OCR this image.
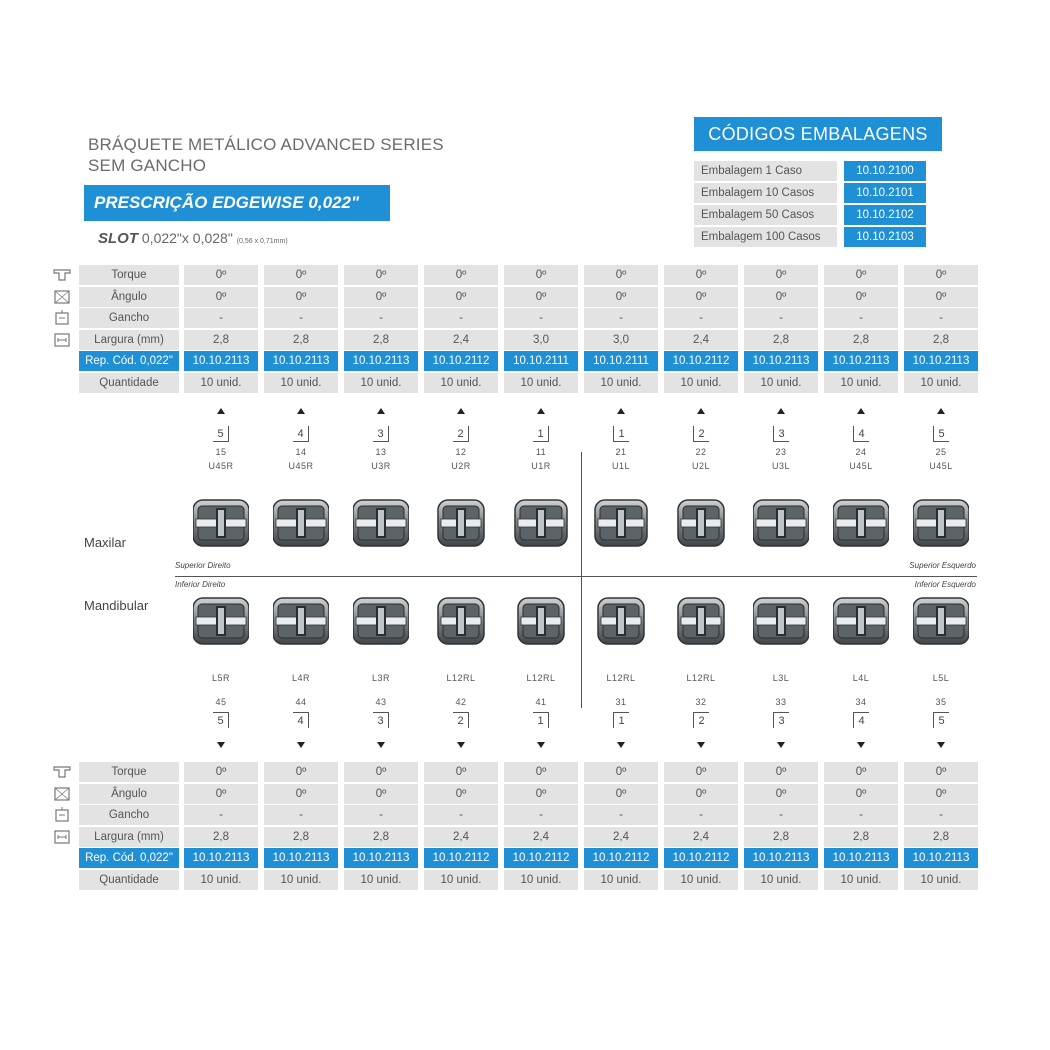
BRÁQUETE METÁLICO ADVANCED SERIES
SEM GANCHO
PRESCRIÇÃO EDGEWISE 0,022"
SLOT 0,022"x 0,028" (0,56 x 0,71mm)
CÓDIGOS EMBALAGENS
Embalagem 1 Caso	10.10.2100
Embalagem 10 Casos	10.10.2101
Embalagem 50 Casos	10.10.2102
Embalagem 100 Casos	10.10.2103
Torque	0º	0º	0º	0º	0º	0º	0º	0º	0º	0º
Ângulo	0º	0º	0º	0º	0º	0º	0º	0º	0º	0º
Gancho	-	-	-	-	-	-	-	-	-	-
Largura (mm)	2,8	2,8	2,8	2,4	3,0	3,0	2,4	2,8	2,8	2,8
Rep. Cód. 0,022"	10.10.2113	10.10.2113	10.10.2113	10.10.2112	10.10.2111	10.10.2111	10.10.2112	10.10.2113	10.10.2113	10.10.2113
Quantidade	10 unid.	10 unid.	10 unid.	10 unid.	10 unid.	10 unid.	10 unid.	10 unid.	10 unid.	10 unid.
Torque	0º	0º	0º	0º	0º	0º	0º	0º	0º	0º
Ângulo	0º	0º	0º	0º	0º	0º	0º	0º	0º	0º
Gancho	-	-	-	-	-	-	-	-	-	-
Largura (mm)	2,8	2,8	2,8	2,4	2,4	2,4	2,4	2,8	2,8	2,8
Rep. Cód. 0,022"	10.10.2113	10.10.2113	10.10.2113	10.10.2112	10.10.2112	10.10.2112	10.10.2112	10.10.2113	10.10.2113	10.10.2113
Quantidade	10 unid.	10 unid.	10 unid.	10 unid.	10 unid.	10 unid.	10 unid.	10 unid.	10 unid.	10 unid.
Maxilar
Mandibular
Superior Direito	Superior Esquerdo
Inferior Direito	Inferior Esquerdo
5
15
U45R
L5R
45
5
4
14
U45R
L4R
44
4
3
13
U3R
L3R
43
3
2
12
U2R
L12RL
42
2
1
11
U1R
L12RL
41
1
1
21
U1L
L12RL
31
1
2
22
U2L
L12RL
32
2
3
23
U3L
L3L
33
3
4
24
U45L
L4L
34
4
5
25
U45L
L5L
35
5
